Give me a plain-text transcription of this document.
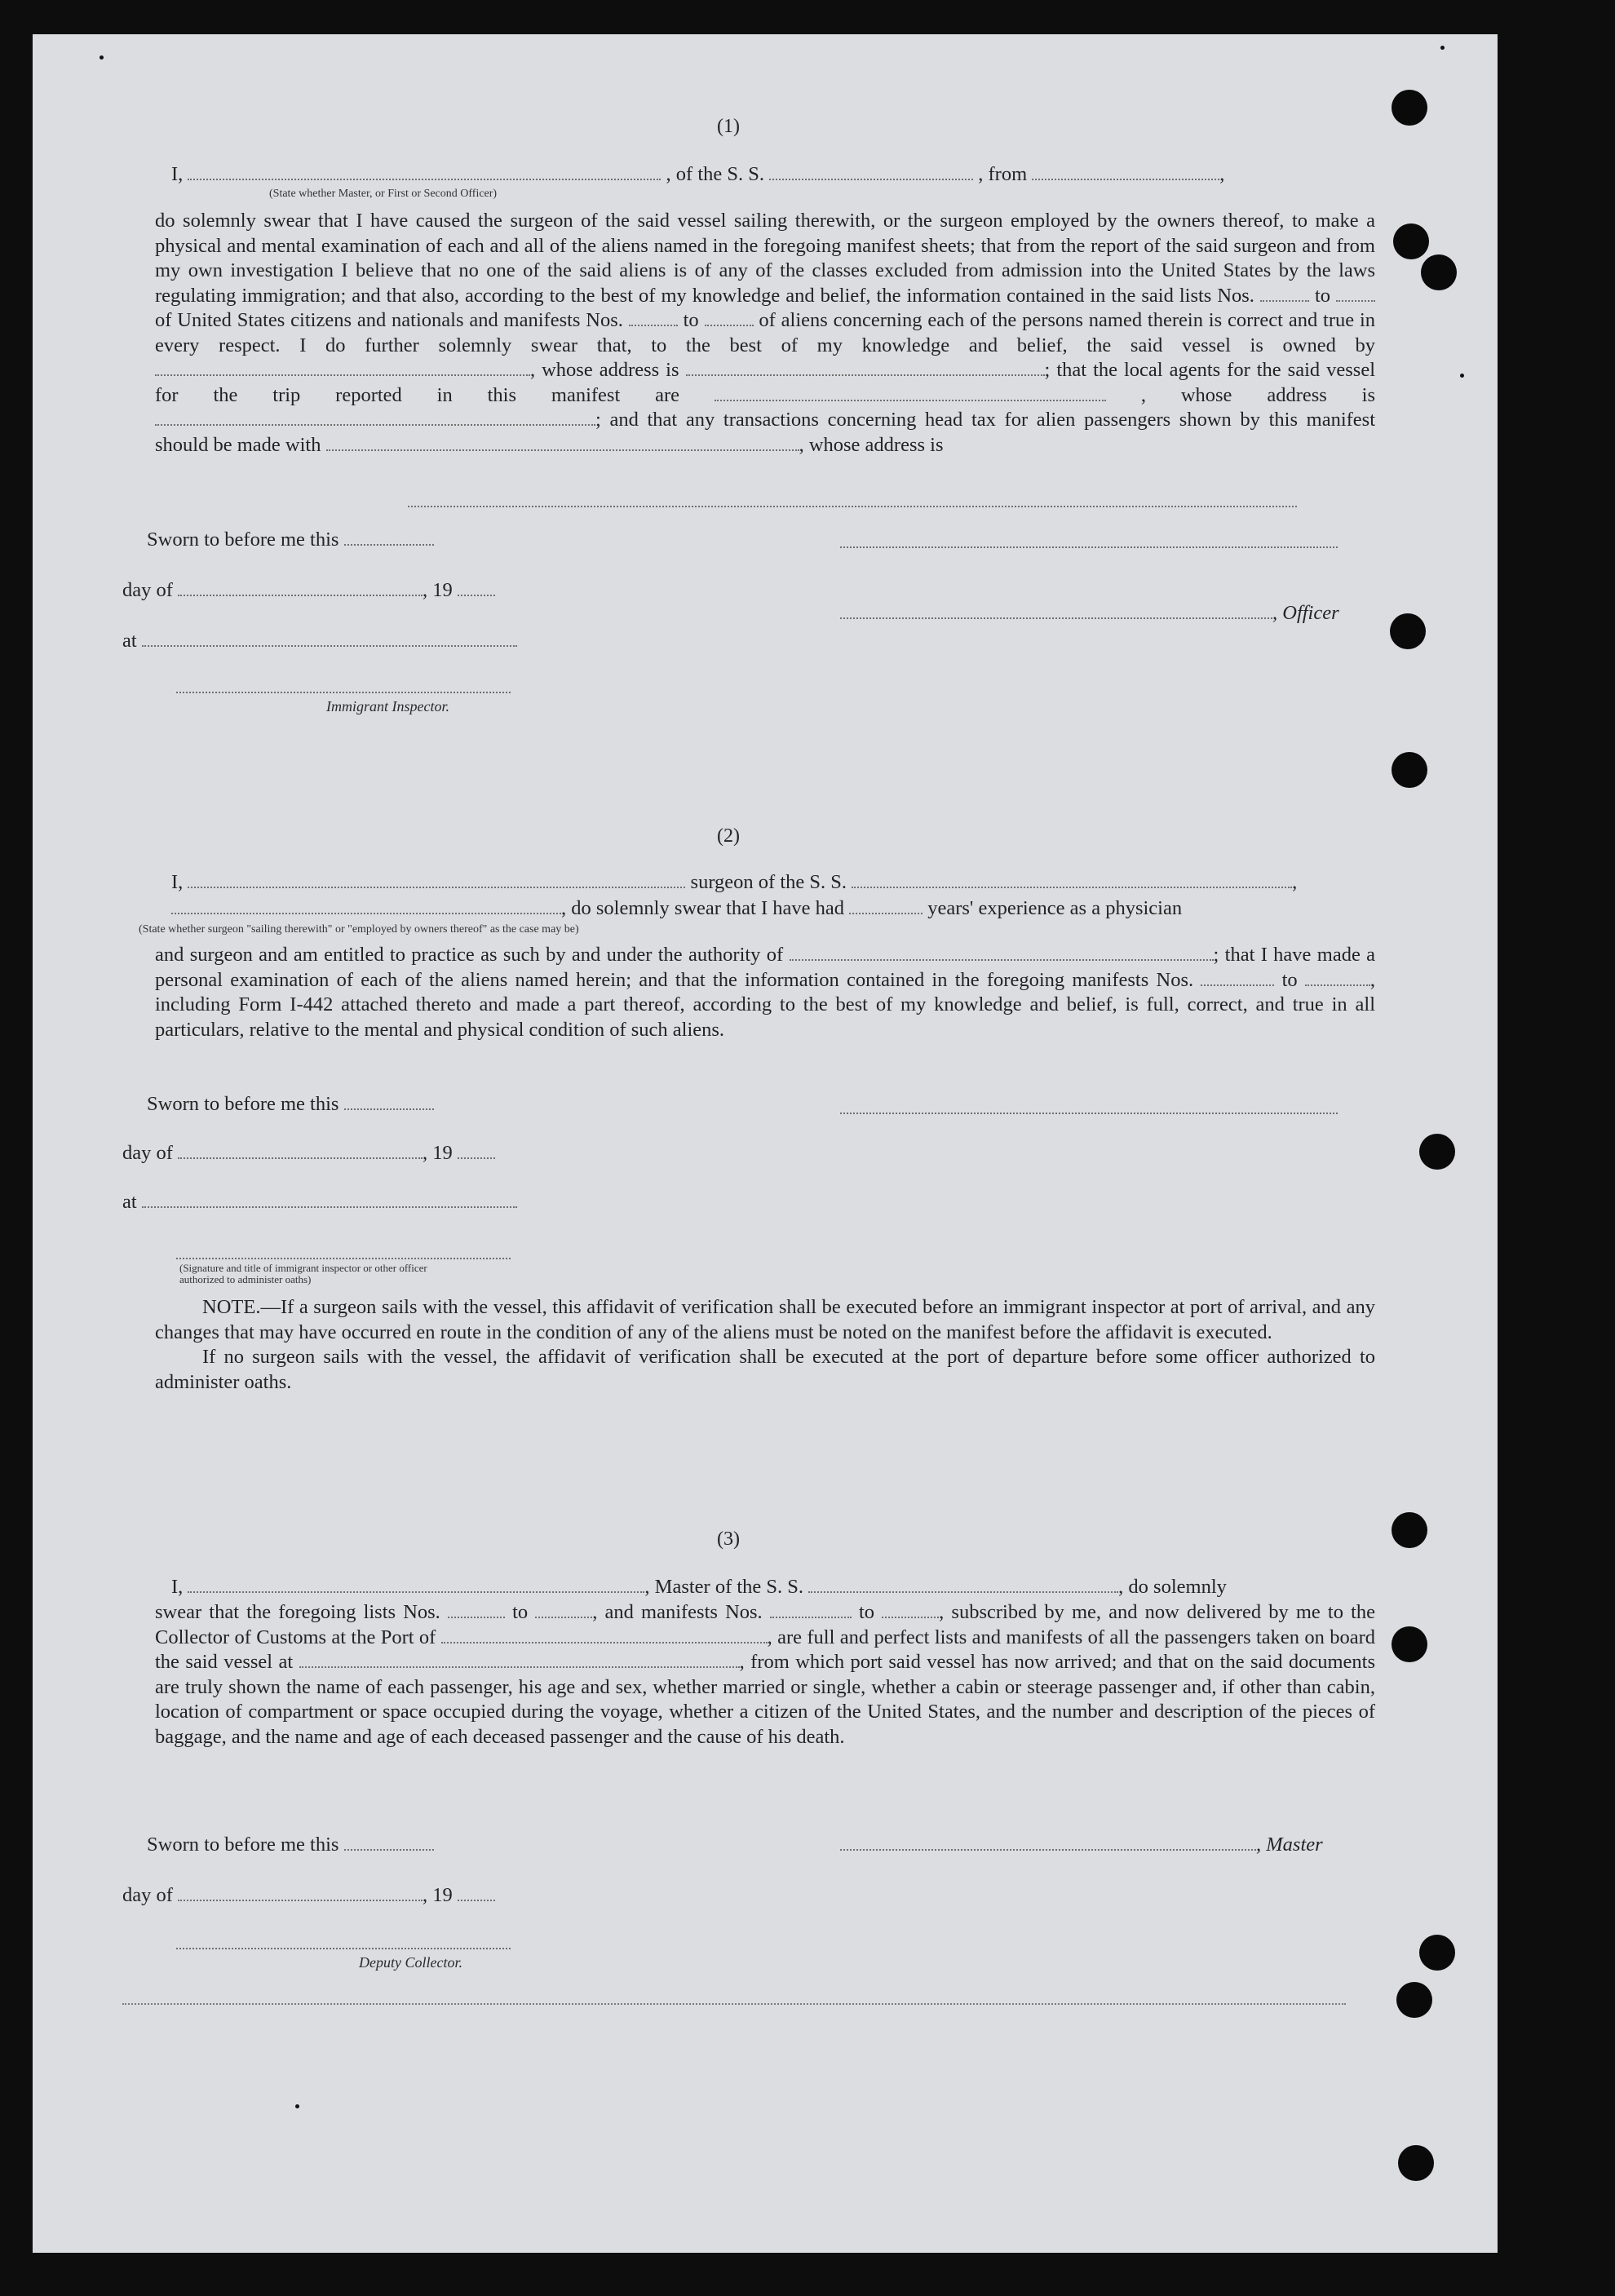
(1)
I,	, of the S. S.	, from	,
(State whether Master, or First or Second Officer)

do solemnly swear that I have caused the surgeon of the said vessel sailing therewith, or the surgeon employed by the owners thereof, to make a physical and mental examination of each and all of the aliens named in the foregoing manifest sheets; that from the report of the said surgeon and from my own investigation I believe that no one of the said aliens is of any of the classes excluded from admission into the United States by the laws regulating immigration; and that also, according to the best of my knowledge and belief, the information contained in the said lists Nos.	to  of United States citizens and nationals and manifests Nos.	to	of aliens concerning each of the persons named therein is correct and true in every respect. I do further solemnly swear that, to the best of my knowledge and belief, the said vessel is owned by , whose address is	; that the local agents for the said vessel for the trip reported in this manifest are	, whose address is ; and that any transactions concerning head tax for alien passengers shown by this manifest should be made with	, whose address is

Sworn to before me this
day of	, 19
, Officer
at
Immigrant Inspector.
(2)
I,	surgeon of the S. S.	,
, do solemnly swear that I have had	years' experience as a physician
(State whether surgeon "sailing therewith" or "employed by owners thereof" as the case may be)

and surgeon and am entitled to practice as such by and under the authority of	; that I have made a personal examination of each of the aliens named herein; and that the information contained in the foregoing manifests Nos.	to	, including Form I-442 attached thereto and made a part thereof, according to the best of my knowledge and belief, is full, correct, and true in all particulars, relative to the mental and physical condition of such aliens.

Sworn to before me this
day of	, 19
at
(Signature and title of immigrant inspector or other officer authorized to administer oaths)

NOTE.—If a surgeon sails with the vessel, this affidavit of verification shall be executed before an immigrant inspector at port of arrival, and any changes that may have occurred en route in the condition of any of the aliens must be noted on the manifest before the affidavit is executed.

If no surgeon sails with the vessel, the affidavit of verification shall be executed at the port of departure before some officer authorized to administer oaths.

(3)
I,	, Master of the S. S.	, do solemnly

swear that the foregoing lists Nos.	to	, and manifests Nos.	to	, subscribed by me, and now delivered by me to the Collector of Customs at the Port of	, are full and perfect lists and manifests of all the passengers taken on board the said vessel at	, from which port said vessel has now arrived; and that on the said documents are truly shown the name of each passenger, his age and sex, whether married or single, whether a cabin or steerage passenger and, if other than cabin, location of compartment or space occupied during the voyage, whether a citizen of the United States, and the number and description of the pieces of baggage, and the name and age of each deceased passenger and the cause of his death.

Sworn to before me this	, Master
day of	, 19
Deputy Collector.
